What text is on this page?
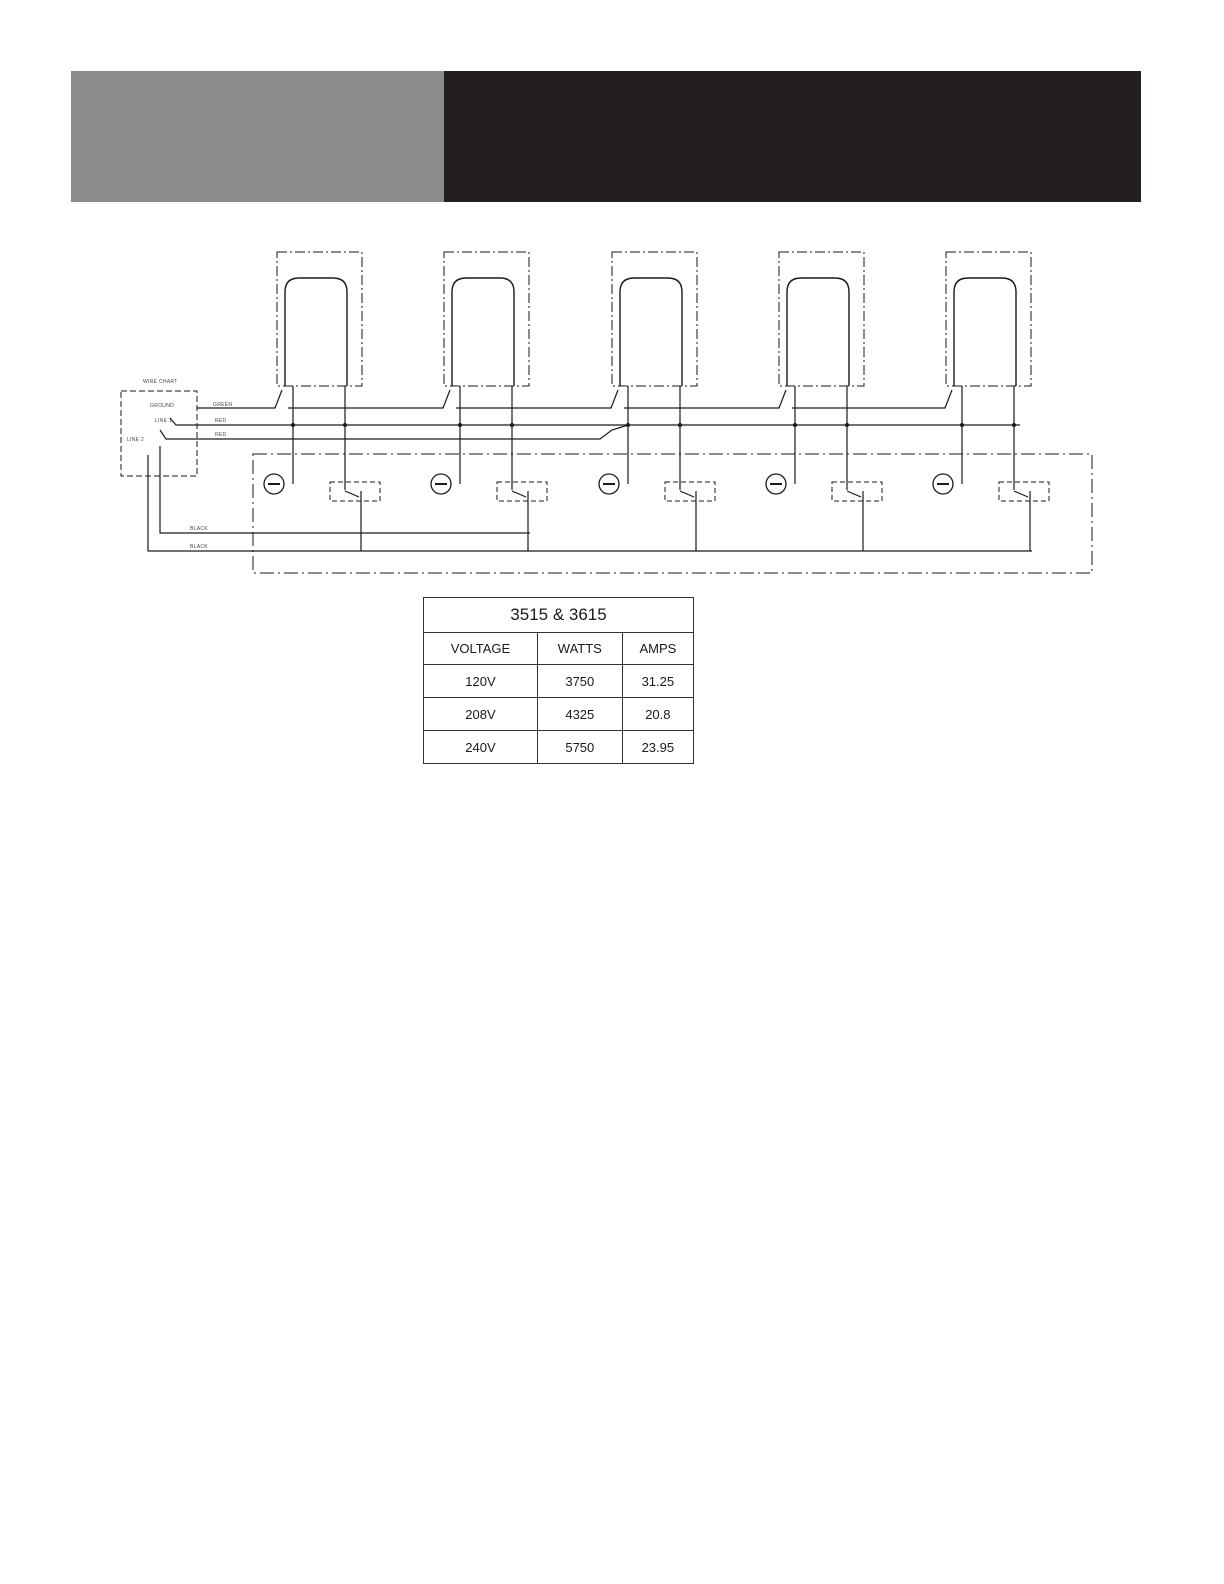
WIRE CHART
GROUND
LINE 1
LINE 2
GREEN
RED
RED
BLACK
BLACK
3515 & 3615		
VOLTAGE	WATTS	AMPS
120V	3750	31.25
208V	4325	20.8
240V	5750	23.95
